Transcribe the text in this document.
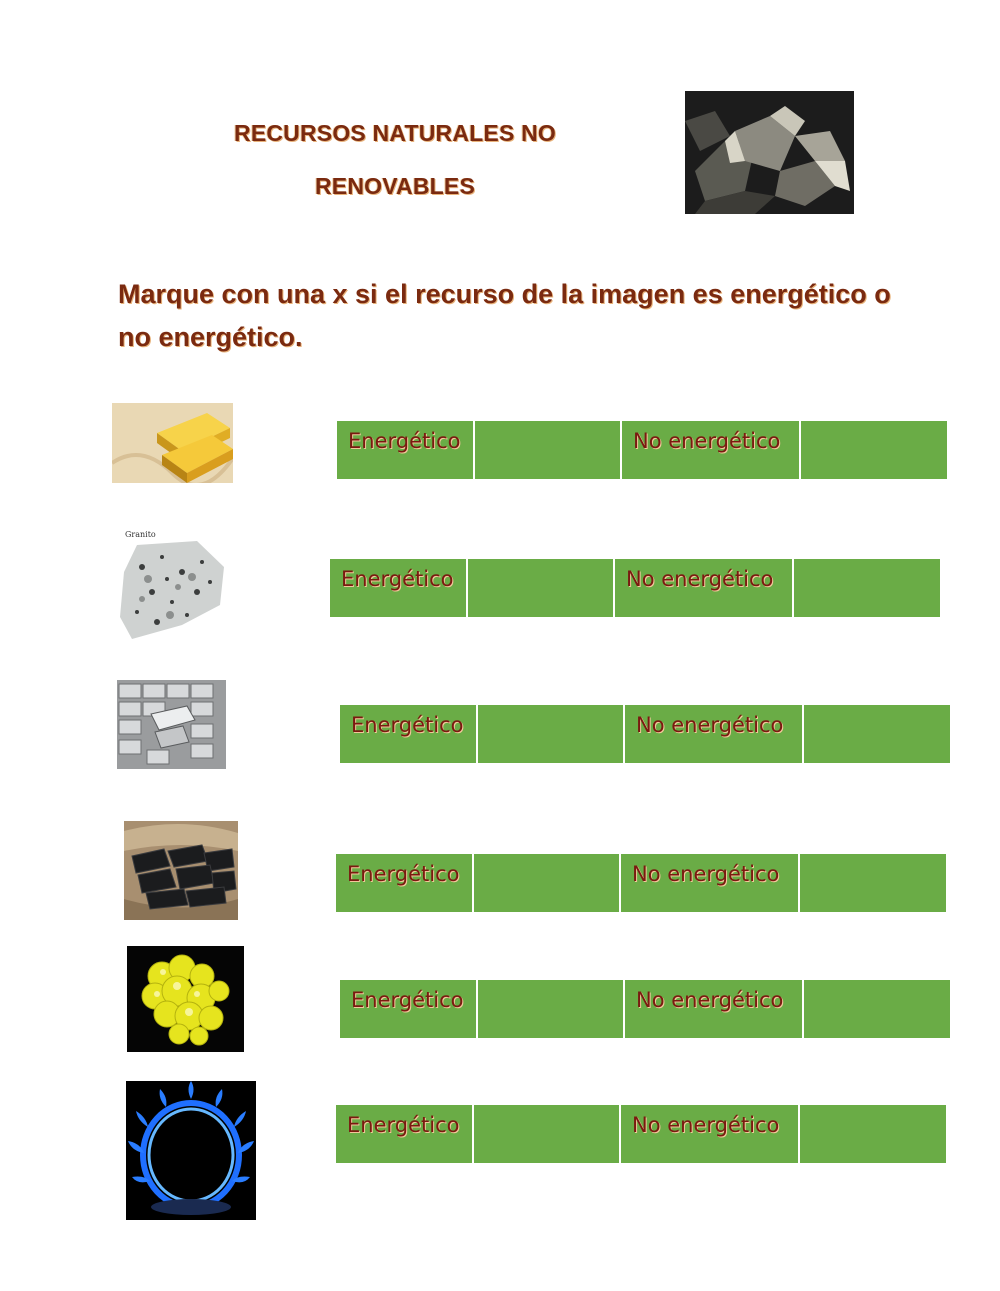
RECURSOS NATURALES NO
RENOVABLES
Marque con una x si el recurso de la imagen es energético o no energético.
Energético	No energético
Granito
Energético	No energético
Energético	No energético
Energético	No energético
Energético	No energético
Energético	No energético
